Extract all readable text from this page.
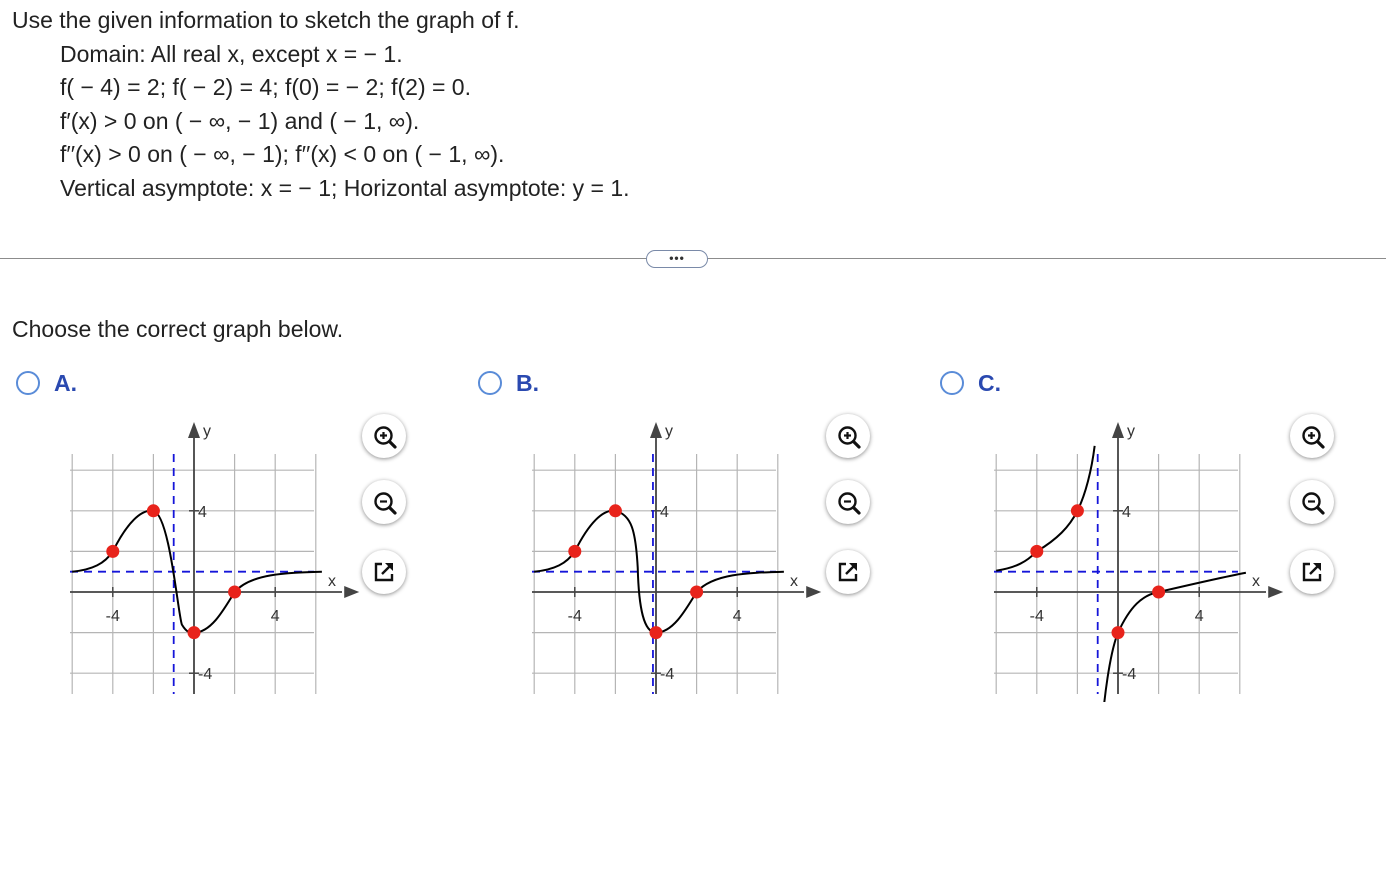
Use the given information to sketch the graph of f.

Domain: All real x, except x = − 1.

f( − 4) = 2; f( − 2) = 4; f(0) = − 2; f(2) = 0.

f′(x) > 0 on ( − ∞, − 1) and ( − 1, ∞).

f′′(x) > 0 on ( − ∞, − 1); f′′(x) < 0 on ( − 1, ∞).

Vertical asymptote: x = − 1; Horizontal asymptote: y = 1.

•••
Choose the correct graph below.
A.
-4	4
4
-4
x
y
B.
-4	4
4
-4
x
y
C.
-4	4
4
-4
x
y
